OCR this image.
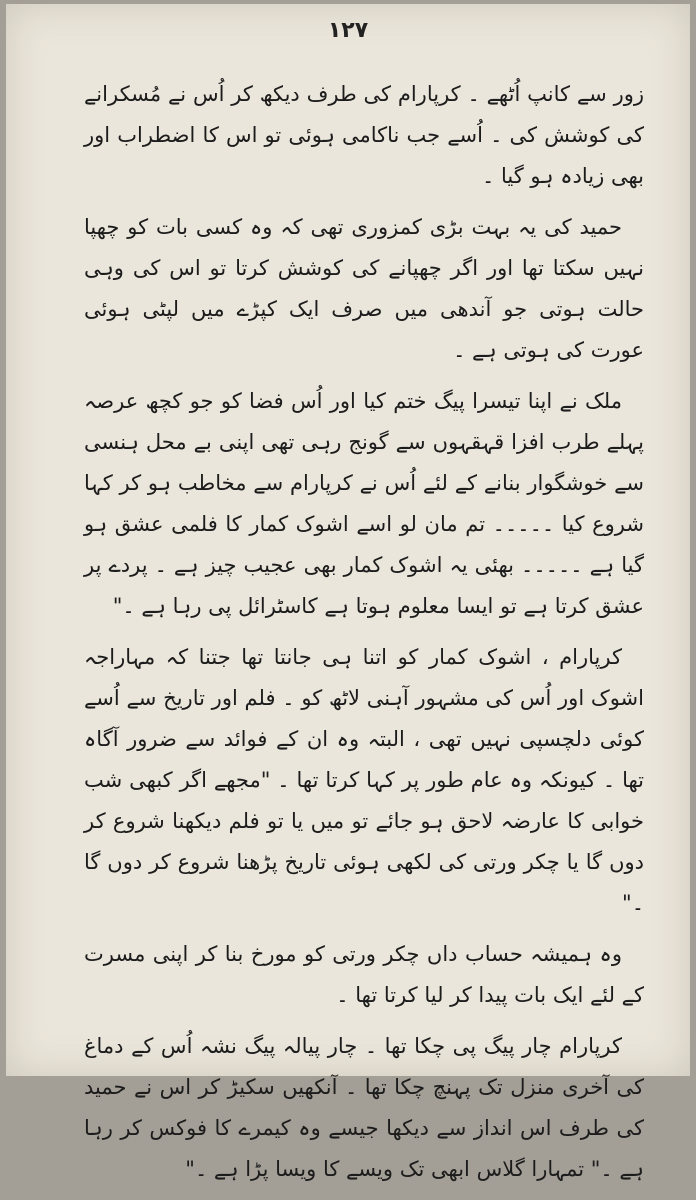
۱۲۷

زور سے کانپ اُٹھے ۔ کرپارام کی طرف دیکھ کر اُس نے مُسکرانے کی کوشش کی ۔ اُسے جب ناکامی ہوئی تو اس کا اضطراب اور بھی زیادہ ہو گیا ۔

حمید کی یہ بہت بڑی کمزوری تھی کہ وہ کسی بات کو چھپا نہیں سکتا تھا اور اگر چھپانے کی کوشش کرتا تو اس کی وہی حالت ہوتی جو آندھی میں صرف ایک کپڑے میں لپٹی ہوئی عورت کی ہوتی ہے ۔

ملک نے اپنا تیسرا پیگ ختم کیا اور اُس فضا کو جو کچھ عرصہ پہلے طرب افزا قہقہوں سے گونج رہی تھی اپنی بے محل ہنسی سے خوشگوار بنانے کے لئے اُس نے کرپارام سے مخاطب ہو کر کہا شروع کیا ۔۔۔۔۔ تم مان لو اسے اشوک کمار کا فلمی عشق ہو گیا ہے ۔۔۔۔۔ بھئی یہ اشوک کمار بھی عجیب چیز ہے ۔ پردے پر عشق کرتا ہے تو ایسا معلوم ہوتا ہے کاسٹرائل پی رہا ہے ۔"

کرپارام ، اشوک کمار کو اتنا ہی جانتا تھا جتنا کہ مہاراجہ اشوک اور اُس کی مشہور آہنی لاٹھ کو ۔ فلم اور تاریخ سے اُسے کوئی دلچسپی نہیں تھی ، البتہ وہ ان کے فوائد سے ضرور آگاہ تھا ۔ کیونکہ وہ عام طور پر کہا کرتا تھا ۔ "مجھے اگر کبھی شب خوابی کا عارضہ لاحق ہو جائے تو میں یا تو فلم دیکھنا شروع کر دوں گا یا چکر ورتی کی لکھی ہوئی تاریخ پڑھنا شروع کر دوں گا ۔"

وہ ہمیشہ حساب داں چکر ورتی کو مورخ بنا کر اپنی مسرت کے لئے ایک بات پیدا کر لیا کرتا تھا ۔

کرپارام چار پیگ پی چکا تھا ۔ چار پیالہ پیگ نشہ اُس کے دماغ کی آخری منزل تک پہنچ چکا تھا ۔ آنکھیں سکیڑ کر اس نے حمید کی طرف اس انداز سے دیکھا جیسے وہ کیمرے کا فوکس کر رہا ہے ۔" تمہارا گلاس ابھی تک ویسے کا ویسا پڑا ہے ۔"
